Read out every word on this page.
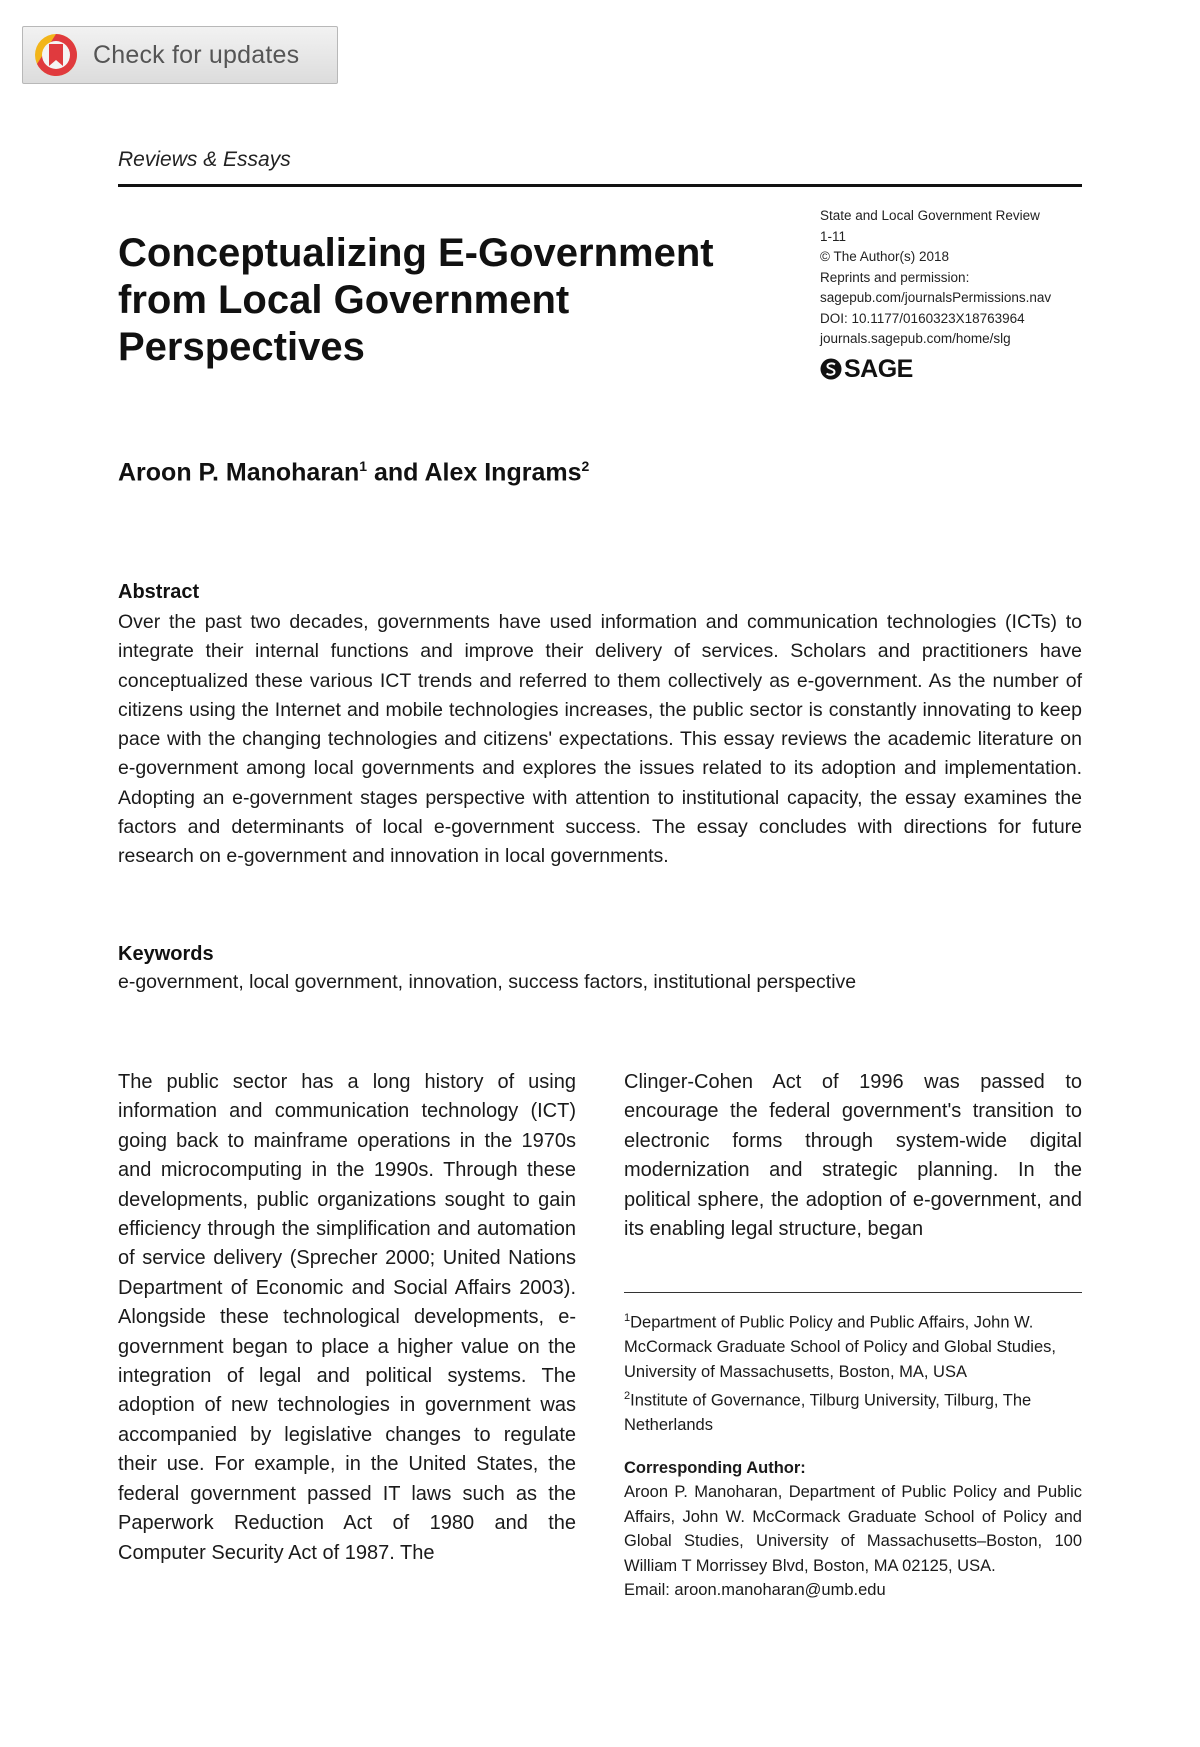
Check for updates
Reviews & Essays
Conceptualizing E-Government
from Local Government
Perspectives
State and Local Government Review
1-11
© The Author(s) 2018
Reprints and permission:
sagepub.com/journalsPermissions.nav
DOI: 10.1177/0160323X18763964
journals.sagepub.com/home/slg
SAGE
Aroon P. Manoharan$^1$ and Alex Ingrams$^2$
Abstract
Over the past two decades, governments have used information and communication technologies (ICTs) to integrate their internal functions and improve their delivery of services. Scholars and practitioners have conceptualized these various ICT trends and referred to them collectively as e-government. As the number of citizens using the Internet and mobile technologies increases, the public sector is constantly innovating to keep pace with the changing technologies and citizens' expectations. This essay reviews the academic literature on e-government among local governments and explores the issues related to its adoption and implementation. Adopting an e-government stages perspective with attention to institutional capacity, the essay examines the factors and determinants of local e-government success. The essay concludes with directions for future research on e-government and innovation in local governments.
Keywords
e-government, local government, innovation, success factors, institutional perspective
The public sector has a long history of using information and communication technology (ICT) going back to mainframe operations in the 1970s and microcomputing in the 1990s. Through these developments, public organizations sought to gain efficiency through the simplification and automation of service delivery (Sprecher 2000; United Nations Department of Economic and Social Affairs 2003). Alongside these technological developments, e-government began to place a higher value on the integration of legal and political systems. The adoption of new technologies in government was accompanied by legislative changes to regulate their use. For example, in the United States, the federal government passed IT laws such as the Paperwork Reduction Act of 1980 and the Computer Security Act of 1987. The
Clinger-Cohen Act of 1996 was passed to encourage the federal government's transition to electronic forms through system-wide digital modernization and strategic planning. In the political sphere, the adoption of e-government, and its enabling legal structure, began

$^1$Department of Public Policy and Public Affairs, John W. McCormack Graduate School of Policy and Global Studies, University of Massachusetts, Boston, MA, USA

$^2$Institute of Governance, Tilburg University, Tilburg, The Netherlands

Corresponding Author:

Aroon P. Manoharan, Department of Public Policy and Public Affairs, John W. McCormack Graduate School of Policy and Global Studies, University of Massachusetts–Boston, 100 William T Morrissey Blvd, Boston, MA 02125, USA.

Email: aroon.manoharan@umb.edu
